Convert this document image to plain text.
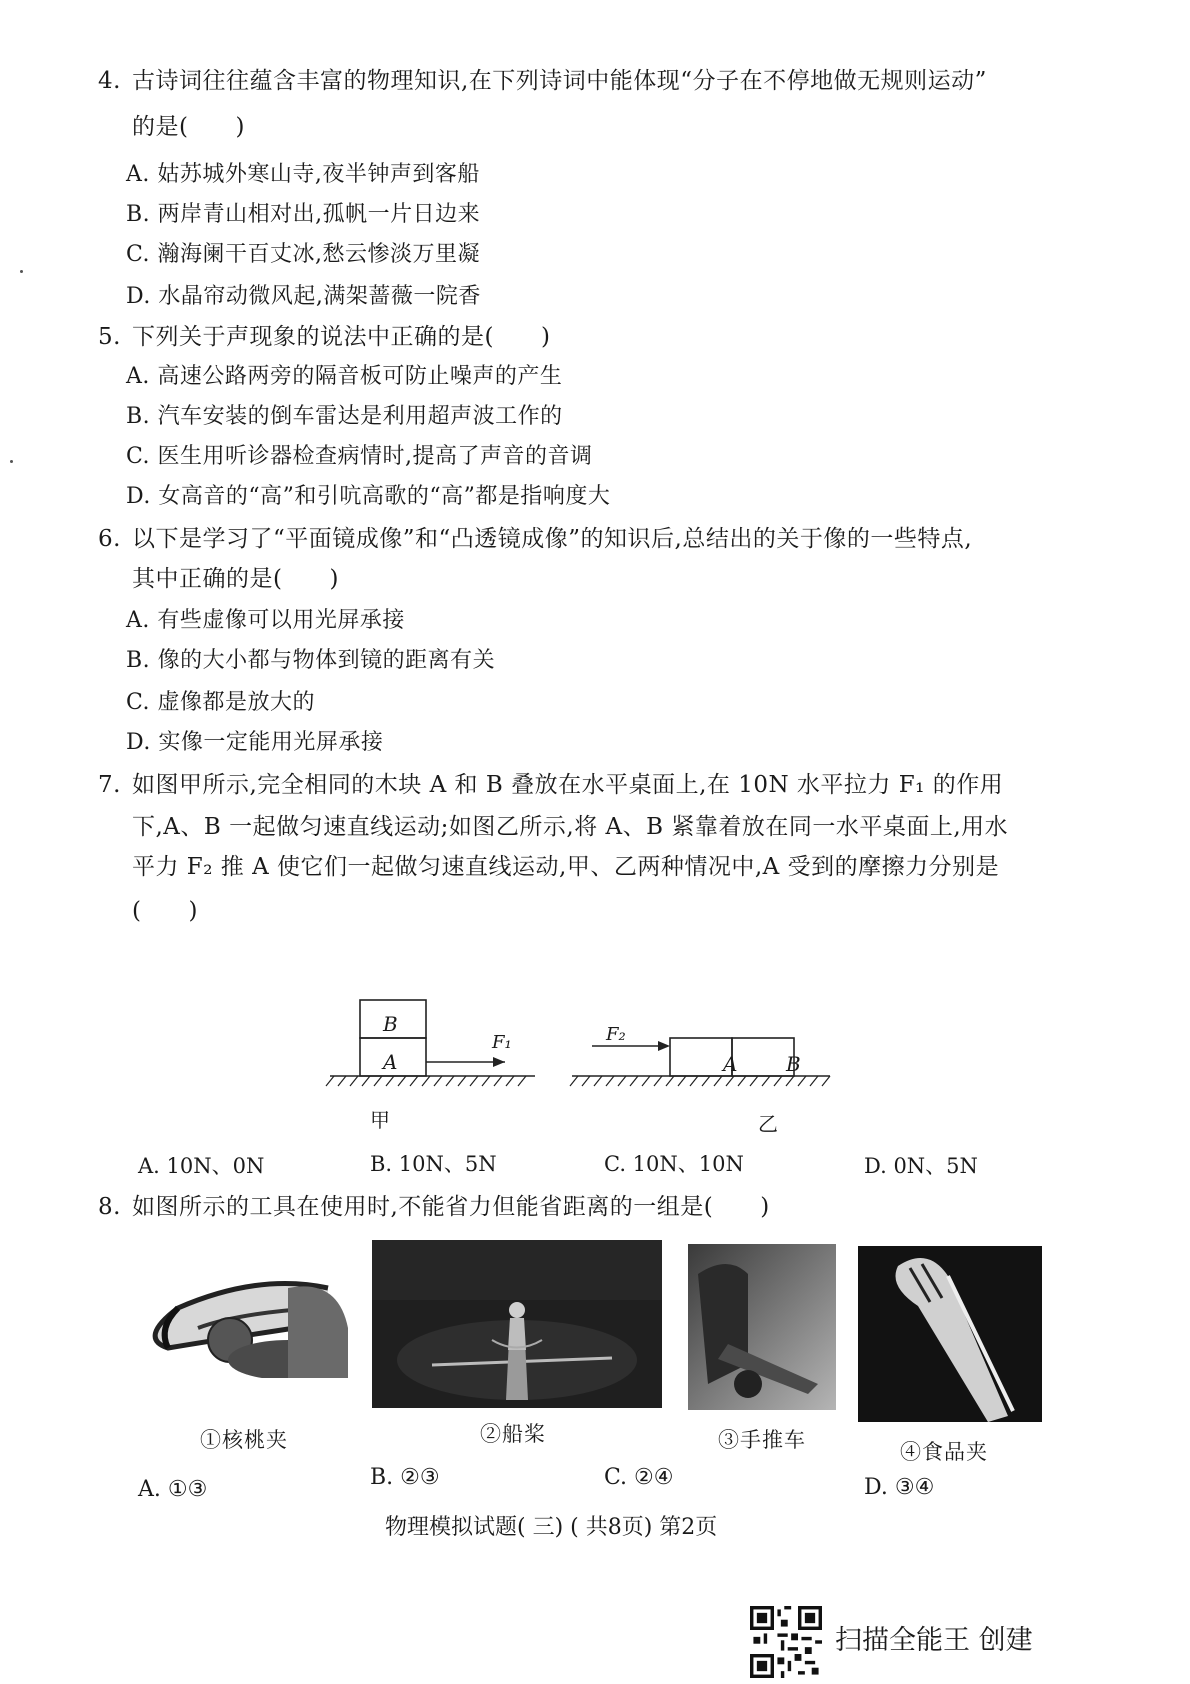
4. 古诗词往往蕴含丰富的物理知识,在下列诗词中能体现“分子在不停地做无规则运动”
的是(　　)
A. 姑苏城外寒山寺,夜半钟声到客船
B. 两岸青山相对出,孤帆一片日边来
C. 瀚海阑干百丈冰,愁云惨淡万里凝
D. 水晶帘动微风起,满架蔷薇一院香
5. 下列关于声现象的说法中正确的是(　　)
A. 高速公路两旁的隔音板可防止噪声的产生
B. 汽车安装的倒车雷达是利用超声波工作的
C. 医生用听诊器检查病情时,提高了声音的音调
D. 女高音的“高”和引吭高歌的“高”都是指响度大
6. 以下是学习了“平面镜成像”和“凸透镜成像”的知识后,总结出的关于像的一些特点,
其中正确的是(　　)
A. 有些虚像可以用光屏承接
B. 像的大小都与物体到镜的距离有关
C. 虚像都是放大的
D. 实像一定能用光屏承接
7. 如图甲所示,完全相同的木块 A 和 B 叠放在水平桌面上,在 10N 水平拉力 F₁ 的作用
下,A、B 一起做匀速直线运动;如图乙所示,将 A、B 紧靠着放在同一水平桌面上,用水
平力 F₂ 推 A 使它们一起做匀速直线运动,甲、乙两种情况中,A 受到的摩擦力分别是
(　　)
B
A
F₁
甲
F₂
A B
乙
A. 10N、0N	B. 10N、5N	C. 10N、10N	D. 0N、5N
8. 如图所示的工具在使用时,不能省力但能省距离的一组是(　　)
①核桃夹	②船桨	③手推车	④食品夹
A. ①③	B. ②③	C. ②④	D. ③④
物理模拟试题( 三) ( 共8页) 第2页
扫描全能王 创建
